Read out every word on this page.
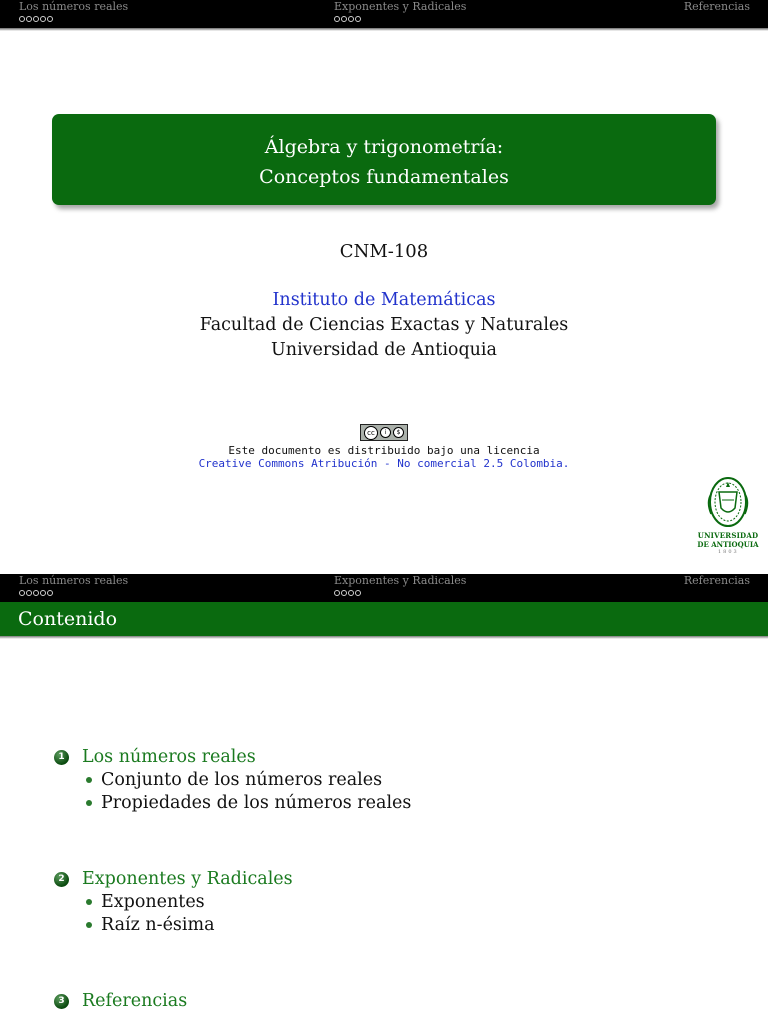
Los números reales	Exponentes y Radicales	Referencias
Álgebra y trigonometría:
Conceptos fundamentales
CNM-108
Instituto de Matemáticas
Facultad de Ciencias Exactas y Naturales
Universidad de Antioquia
cc	i	$
Este documento es distribuido bajo una licencia
Creative Commons Atribución - No comercial 2.5 Colombia.
UNIVERSIDAD
DE ANTIOQUIA
1803
Los números reales	Exponentes y Radicales	Referencias
Contenido
1 Los números reales
Conjunto de los números reales
Propiedades de los números reales
2 Exponentes y Radicales
Exponentes
Raíz n-ésima
3 Referencias
